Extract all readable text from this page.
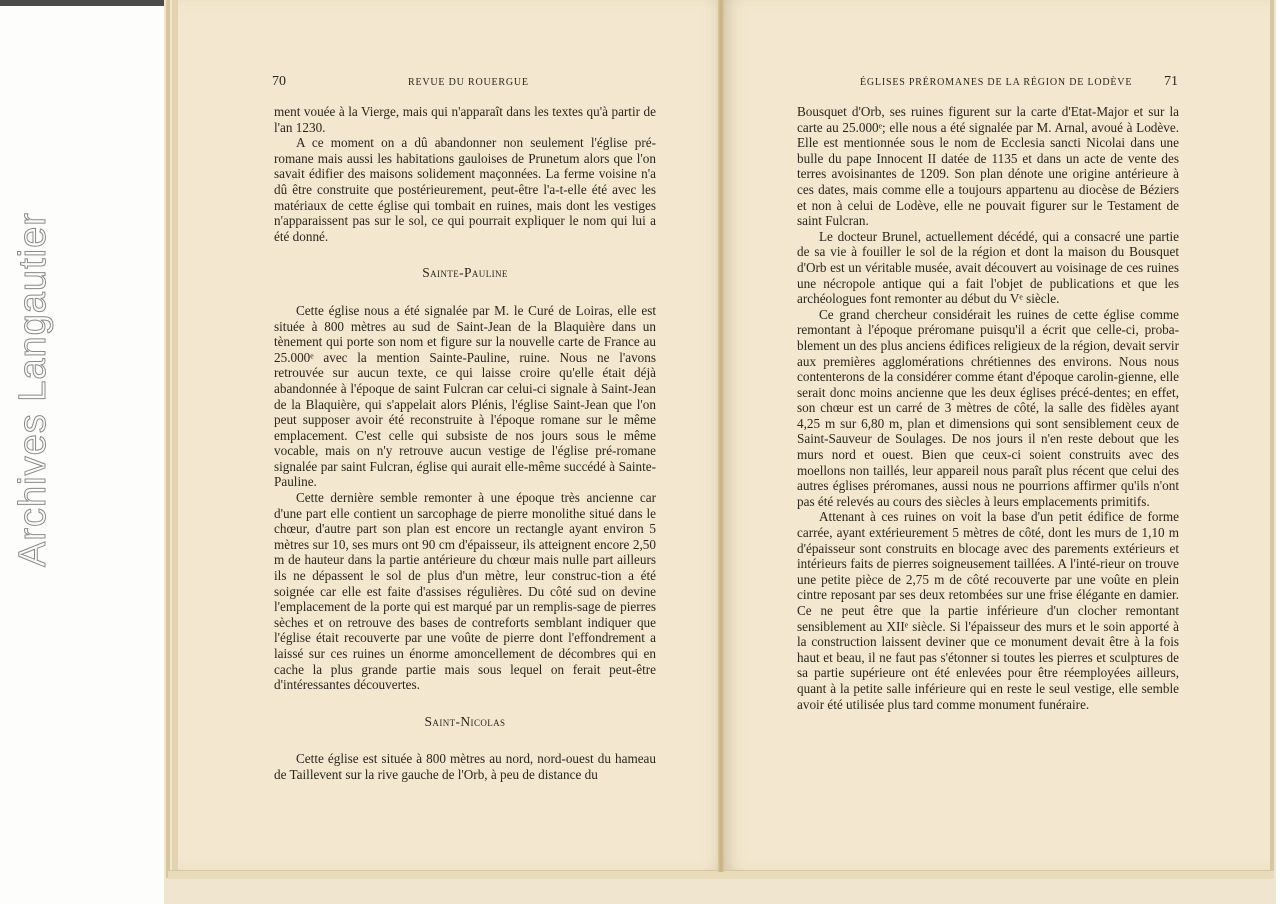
Archives Langautier
70	REVUE DU ROUERGUE

ment vouée à la Vierge, mais qui n'apparaît dans les textes qu'à partir de l'an 1230.

A ce moment on a dû abandonner non seulement l'église pré-romane mais aussi les habitations gauloises de Prunetum alors que l'on savait édifier des maisons solidement maçonnées. La ferme voisine n'a dû être construite que postérieurement, peut-être l'a-t-elle été avec les matériaux de cette église qui tombait en ruines, mais dont les vestiges n'apparaissent pas sur le sol, ce qui pourrait expliquer le nom qui lui a été donné.

Sainte-Pauline

Cette église nous a été signalée par M. le Curé de Loiras, elle est située à 800 mètres au sud de Saint-Jean de la Blaquière dans un tènement qui porte son nom et figure sur la nouvelle carte de France au 25.000ᵉ avec la mention Sainte-Pauline, ruine. Nous ne l'avons retrouvée sur aucun texte, ce qui laisse croire qu'elle était déjà abandonnée à l'époque de saint Fulcran car celui-ci signale à Saint-Jean de la Blaquière, qui s'appelait alors Plénis, l'église Saint-Jean que l'on peut supposer avoir été reconstruite à l'époque romane sur le même emplacement. C'est celle qui subsiste de nos jours sous le même vocable, mais on n'y retrouve aucun vestige de l'église pré-romane signalée par saint Fulcran, église qui aurait elle-même succédé à Sainte-Pauline.

Cette dernière semble remonter à une époque très ancienne car d'une part elle contient un sarcophage de pierre monolithe situé dans le chœur, d'autre part son plan est encore un rectangle ayant environ 5 mètres sur 10, ses murs ont 90 cm d'épaisseur, ils atteignent encore 2,50 m de hauteur dans la partie antérieure du chœur mais nulle part ailleurs ils ne dépassent le sol de plus d'un mètre, leur construc-tion a été soignée car elle est faite d'assises régulières. Du côté sud on devine l'emplacement de la porte qui est marqué par un remplis-sage de pierres sèches et on retrouve des bases de contreforts semblant indiquer que l'église était recouverte par une voûte de pierre dont l'effondrement a laissé sur ces ruines un énorme amoncellement de décombres qui en cache la plus grande partie mais sous lequel on ferait peut-être d'intéressantes découvertes.

Saint-Nicolas

Cette église est située à 800 mètres au nord, nord-ouest du hameau de Taillevent sur la rive gauche de l'Orb, à peu de distance du

ÉGLISES PRÉROMANES DE LA RÉGION DE LODÈVE 71

Bousquet d'Orb, ses ruines figurent sur la carte d'Etat-Major et sur la carte au 25.000ᵉ; elle nous a été signalée par M. Arnal, avoué à Lodève. Elle est mentionnée sous le nom de Ecclesia sancti Nicolai dans une bulle du pape Innocent II datée de 1135 et dans un acte de vente des terres avoisinantes de 1209. Son plan dénote une origine antérieure à ces dates, mais comme elle a toujours appartenu au diocèse de Béziers et non à celui de Lodève, elle ne pouvait figurer sur le Testament de saint Fulcran.

Le docteur Brunel, actuellement décédé, qui a consacré une partie de sa vie à fouiller le sol de la région et dont la maison du Bousquet d'Orb est un véritable musée, avait découvert au voisinage de ces ruines une nécropole antique qui a fait l'objet de publications et que les archéologues font remonter au début du Vᵉ siècle.

Ce grand chercheur considérait les ruines de cette église comme remontant à l'époque préromane puisqu'il a écrit que celle-ci, proba-blement un des plus anciens édifices religieux de la région, devait servir aux premières agglomérations chrétiennes des environs. Nous nous contenterons de la considérer comme étant d'époque carolin-gienne, elle serait donc moins ancienne que les deux églises précé-dentes; en effet, son chœur est un carré de 3 mètres de côté, la salle des fidèles ayant 4,25 m sur 6,80 m, plan et dimensions qui sont sensiblement ceux de Saint-Sauveur de Soulages. De nos jours il n'en reste debout que les murs nord et ouest. Bien que ceux-ci soient construits avec des moellons non taillés, leur appareil nous paraît plus récent que celui des autres églises préromanes, aussi nous ne pourrions affirmer qu'ils n'ont pas été relevés au cours des siècles à leurs emplacements primitifs.

Attenant à ces ruines on voit la base d'un petit édifice de forme carrée, ayant extérieurement 5 mètres de côté, dont les murs de 1,10 m d'épaisseur sont construits en blocage avec des parements extérieurs et intérieurs faits de pierres soigneusement taillées. A l'inté-rieur on trouve une petite pièce de 2,75 m de côté recouverte par une voûte en plein cintre reposant par ses deux retombées sur une frise élégante en damier. Ce ne peut être que la partie inférieure d'un clocher remontant sensiblement au XIIᵉ siècle. Si l'épaisseur des murs et le soin apporté à la construction laissent deviner que ce monument devait être à la fois haut et beau, il ne faut pas s'étonner si toutes les pierres et sculptures de sa partie supérieure ont été enlevées pour être réemployées ailleurs, quant à la petite salle inférieure qui en reste le seul vestige, elle semble avoir été utilisée plus tard comme monument funéraire.
